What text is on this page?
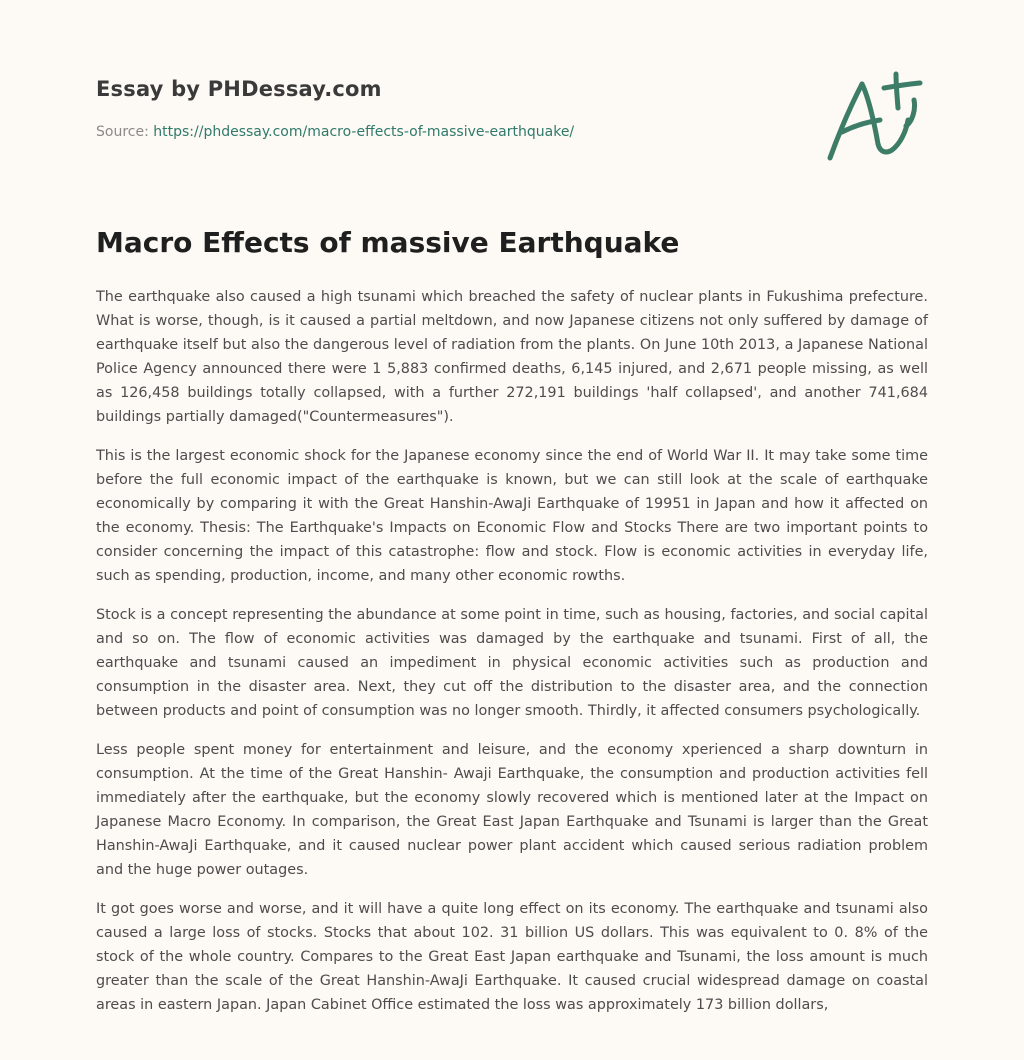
Essay by PHDessay.com
Source: https://phdessay.com/macro-effects-of-massive-earthquake/
Macro Effects of massive Earthquake

The earthquake also caused a high tsunami which breached the safety of nuclear plants in Fukushima prefecture. What is worse, though, is it caused a partial meltdown, and now Japanese citizens not only suffered by damage of earthquake itself but also the dangerous level of radiation from the plants. On June 10th 2013, a Japanese National Police Agency announced there were 1 5,883 confirmed deaths, 6,145 injured, and 2,671 people missing, as well as 126,458 buildings totally collapsed, with a further 272,191 buildings 'half collapsed', and another 741,684 buildings partially damaged("Countermeasures").

This is the largest economic shock for the Japanese economy since the end of World War II. It may take some time before the full economic impact of the earthquake is known, but we can still look at the scale of earthquake economically by comparing it with the Great Hanshin-AwaJi Earthquake of 19951 in Japan and how it affected on the economy. Thesis: The Earthquake's Impacts on Economic Flow and Stocks There are two important points to consider concerning the impact of this catastrophe: flow and stock. Flow is economic activities in everyday life, such as spending, production, income, and many other economic rowths.

Stock is a concept representing the abundance at some point in time, such as housing, factories, and social capital and so on. The flow of economic activities was damaged by the earthquake and tsunami. First of all, the earthquake and tsunami caused an impediment in physical economic activities such as production and consumption in the disaster area. Next, they cut off the distribution to the disaster area, and the connection between products and point of consumption was no longer smooth. Thirdly, it affected consumers psychologically.

Less people spent money for entertainment and leisure, and the economy xperienced a sharp downturn in consumption. At the time of the Great Hanshin- Awaji Earthquake, the consumption and production activities fell immediately after the earthquake, but the economy slowly recovered which is mentioned later at the Impact on Japanese Macro Economy. In comparison, the Great East Japan Earthquake and Tsunami is larger than the Great Hanshin-AwaJi Earthquake, and it caused nuclear power plant accident which caused serious radiation problem and the huge power outages.

It got goes worse and worse, and it will have a quite long effect on its economy. The earthquake and tsunami also caused a large loss of stocks. Stocks that about 102. 31 billion US dollars. This was equivalent to 0. 8% of the stock of the whole country. Compares to the Great East Japan earthquake and Tsunami, the loss amount is much greater than the scale of the Great Hanshin-AwaJi Earthquake. It caused crucial widespread damage on coastal areas in eastern Japan. Japan Cabinet Office estimated the loss was approximately 173 billion dollars,
